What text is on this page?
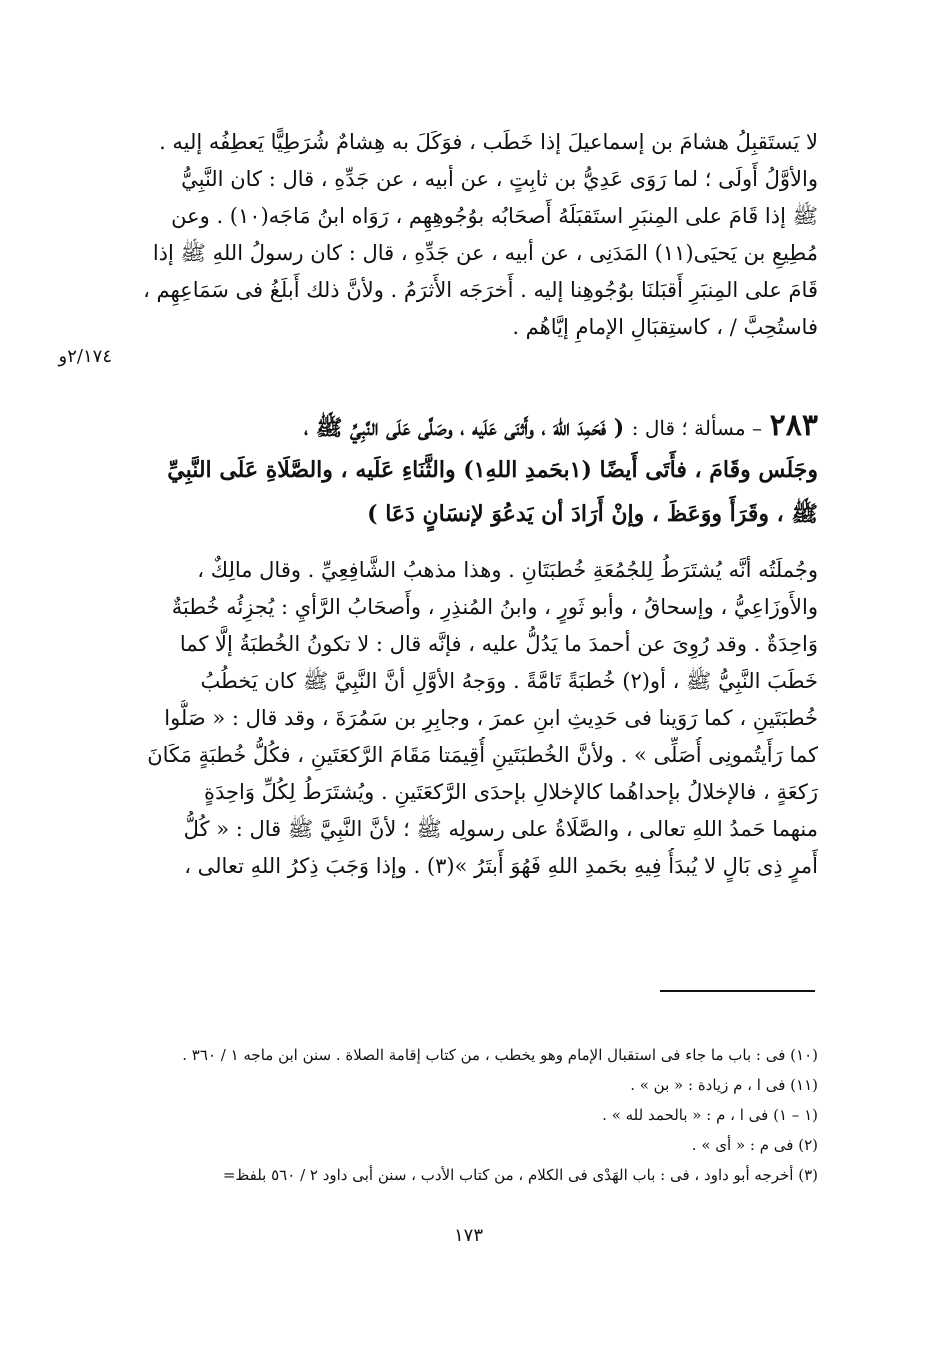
٢/١٧٤و
لا يَستَقبِلُ هشامَ بن إسماعيلَ إذا خَطَب ، فوَكَلَ به هِشامٌ شُرَطِيًّا يَعطِفُه إليه .
والأوَّلُ أَولَى ؛ لما رَوَى عَدِيُّ بن ثابِتٍ ، عن أبيه ، عن جَدِّهِ ، قال : كان النَّبِيُّ
ﷺ إذا قَامَ على المِنبَرِ استَقبَلَهُ أَصحَابُه بوُجُوهِهِم ، رَوَاه ابنُ مَاجَه(١٠) . وعن
مُطِيعِ بن يَحيَى(١١) المَدَنِى ، عن أبيه ، عن جَدِّهِ ، قال : كان رسولُ اللهِ ﷺ إذا
قَامَ على المِنبَرِ أَقبَلنَا بوُجُوهِنا إليه . أَخرَجَه الأَثرَمُ . ولأنَّ ذلك أَبلَغُ فى سَمَاعِهِم ،
فاستُحِبَّ / ، كاستِقبَالِ الإمامِ إيَّاهُم .
٢٨٣ – مسألة ؛ قال : ( فَحَمِدَ اللهَ ، وأَثنَى عَلَيه ، وصَلَّى عَلَى النَّبِيِّ ﷺ ،
وجَلَس وقَامَ ، فأَتَى أَيضًا (١بحَمدِ اللهِ١) والثَّنَاءِ عَلَيه ، والصَّلَاةِ عَلَى النَّبِيِّ
ﷺ ، وقَرَأَ ووَعَظَ ، وإنْ أَرَادَ أن يَدعُوَ لإنسَانٍ دَعَا )
وجُملَتُه أنَّه يُشتَرَطُ لِلجُمُعَةِ خُطبَتَانِ . وهذا مذهبُ الشَّافِعِيِّ . وقال مالِكٌ ،
والأَوزَاعِيُّ ، وإسحاقُ ، وأبو ثَورٍ ، وابنُ المُنذِرِ ، وأَصحَابُ الرَّأيِ : يُجزِئُه خُطبَةٌ
وَاحِدَةٌ . وقد رُوِىَ عن أحمدَ ما يَدُلُّ عليه ، فإنَّه قال : لا تكونُ الخُطبَةُ إلَّا كما
خَطَبَ النَّبِيُّ ﷺ ، أو(٢) خُطبَةً تَامَّةً . ووَجهُ الأوَّلِ أنَّ النَّبِيَّ ﷺ كان يَخطُبُ
خُطبَتَينِ ، كما رَوَينا فى حَدِيثِ ابنِ عمرَ ، وجابِرِ بن سَمُرَةَ ، وقد قال : « صَلُّوا
كما رَأَيتُمونِى أُصَلِّى » . ولأنَّ الخُطبَتَينِ أُقِيمَتا مَقَامَ الرَّكعَتَينِ ، فكُلُّ خُطبَةٍ مَكَانَ
رَكعَةٍ ، فالإخلالُ بإحداهُما كالإخلالِ بإحدَى الرَّكعَتَينِ . ويُشتَرَطُ لِكُلِّ وَاحِدَةٍ
منهما حَمدُ اللهِ تعالى ، والصَّلَاةُ على رسولِه ﷺ ؛ لأنَّ النَّبِيَّ ﷺ قال : « كُلُّ
أَمرٍ ذِى بَالٍ لا يُبدَأُ فِيهِ بحَمدِ اللهِ فَهُوَ أَبتَرُ »(٣) . وإذا وَجَبَ ذِكرُ اللهِ تعالى ،
(١٠) فى : باب ما جاء فى استقبال الإمام وهو يخطب ، من كتاب إقامة الصلاة . سنن ابن ماجه ١ / ٣٦٠ .
(١١) فى ا ، م زيادة : « بن » .
(١ – ١) فى ا ، م : « بالحمد لله » .
(٢) فى م : « أى » .
(٣) أخرجه أبو داود ، فى : باب الهَدْى فى الكلام ، من كتاب الأدب ، سنن أبى داود ٢ / ٥٦٠ بلفظ=
١٧٣
